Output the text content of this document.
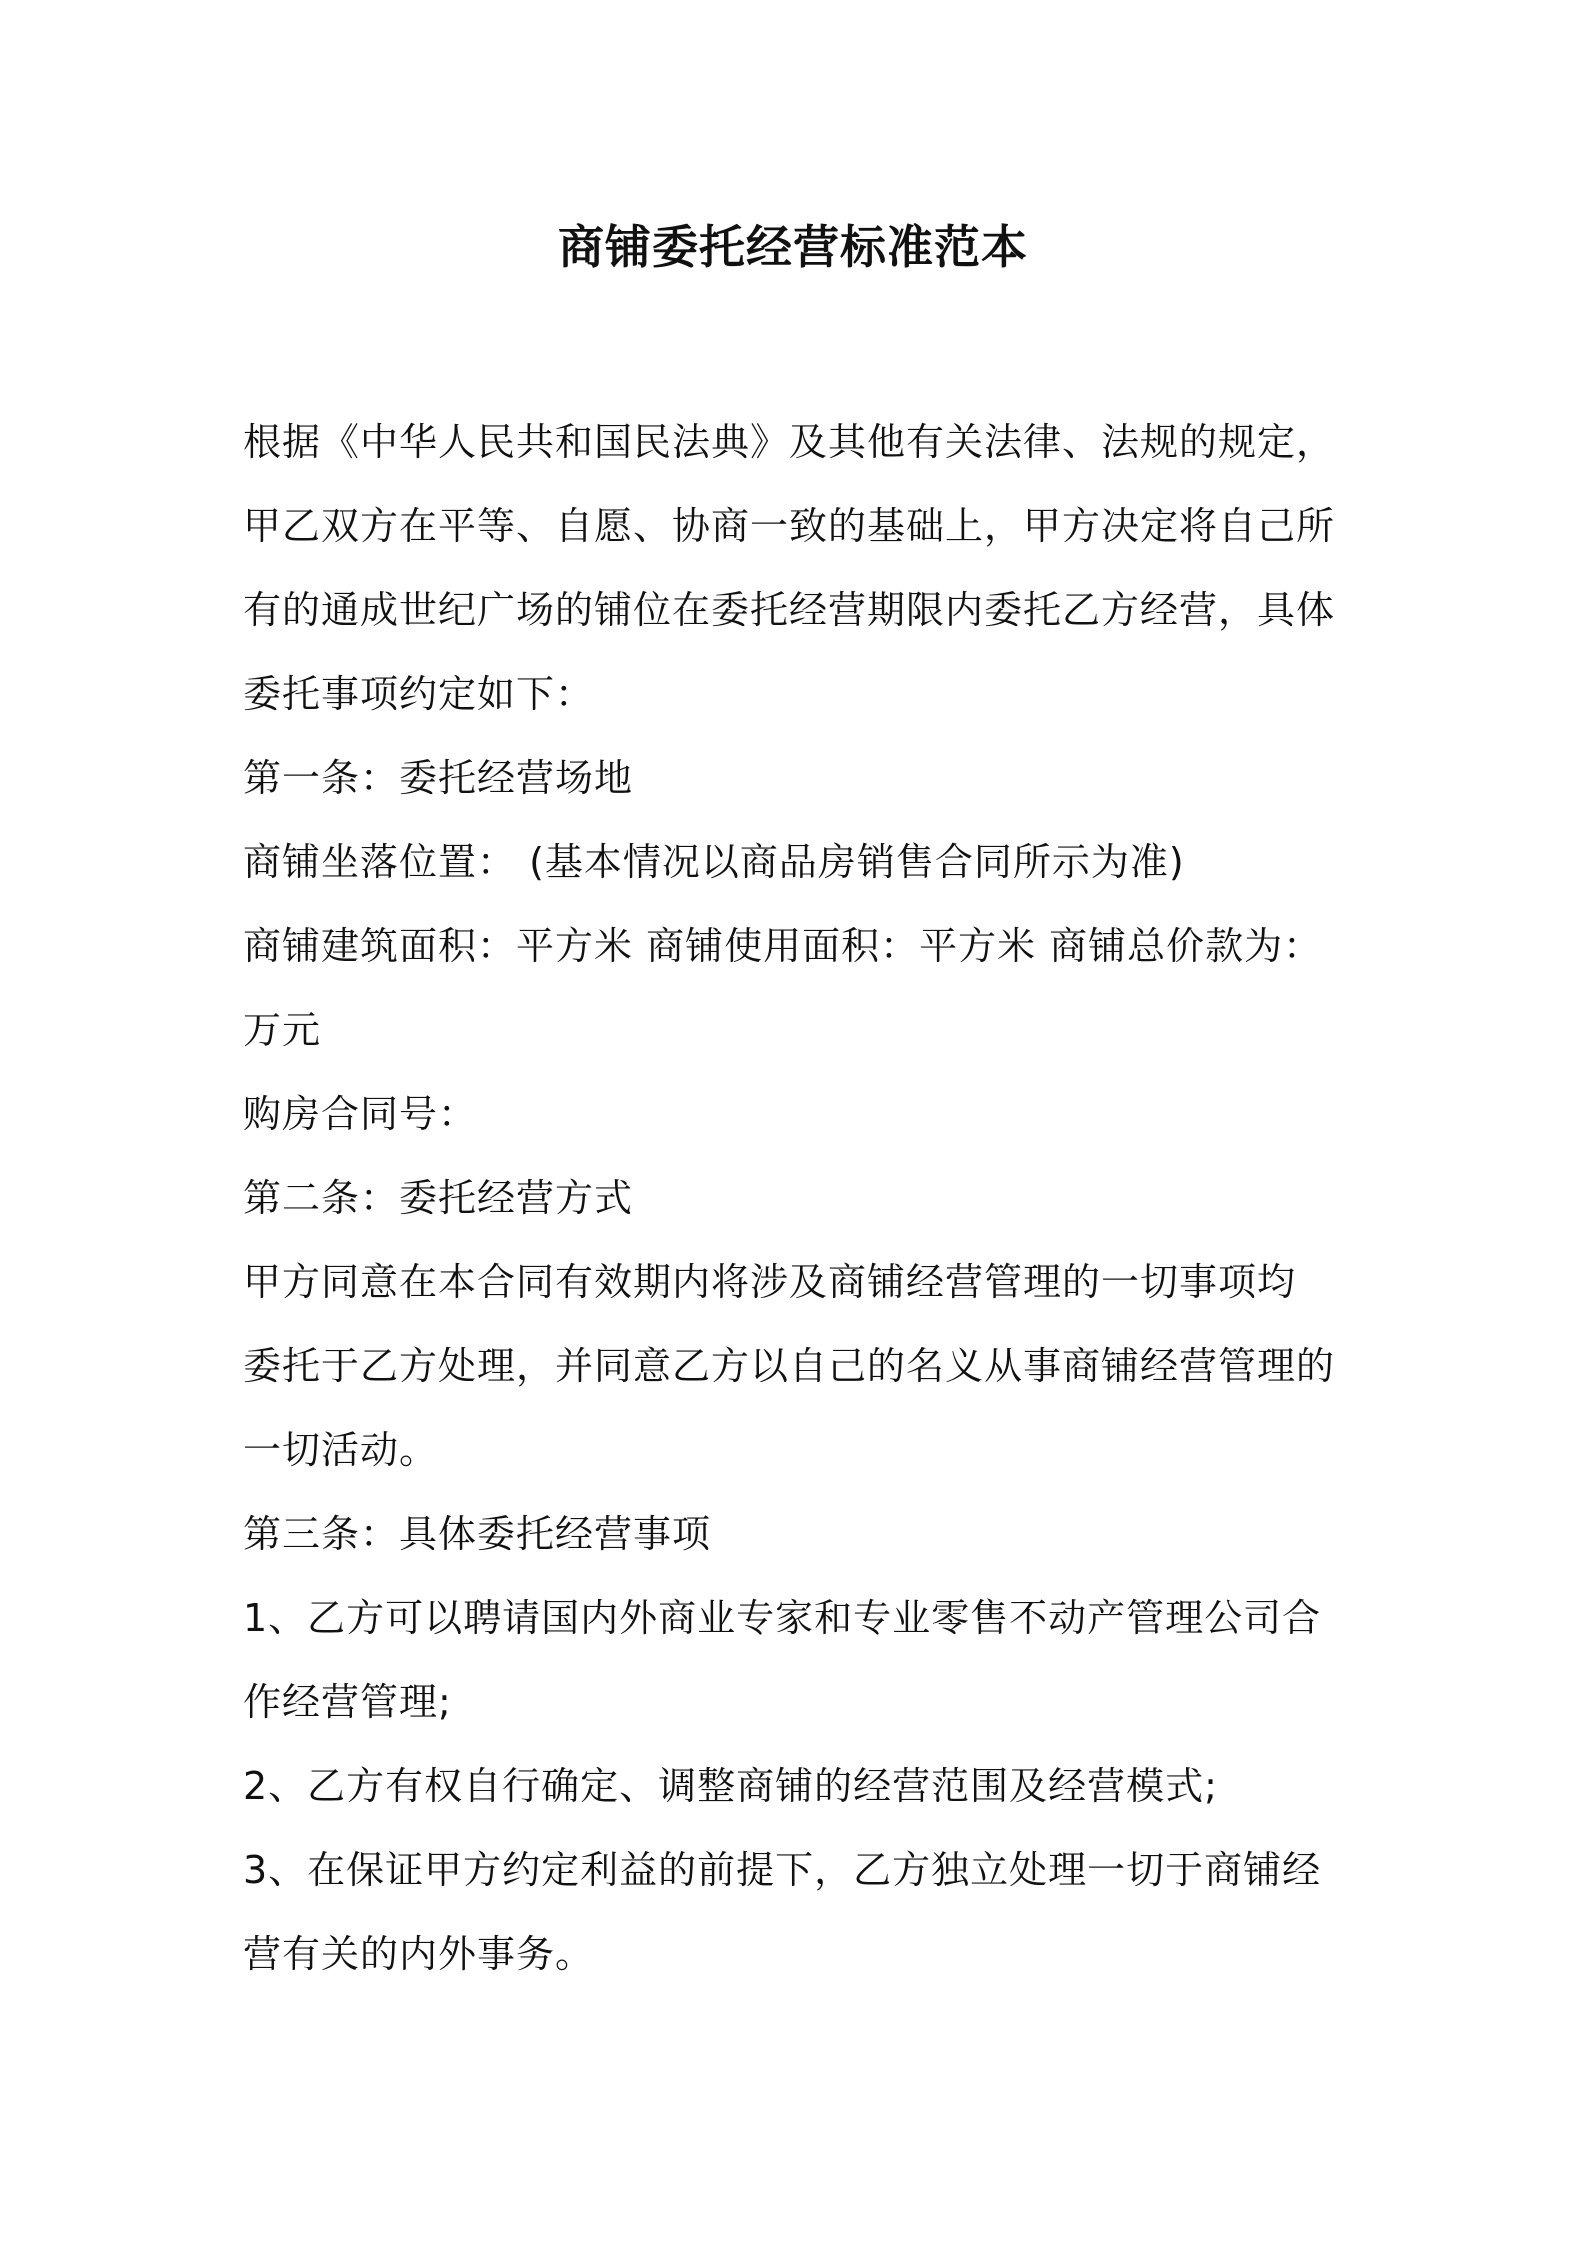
商铺委托经营标准范本

根据《中华人民共和国民法典》及其他有关法律、法规的规定，

甲乙双方在平等、自愿、协商一致的基础上，甲方决定将自己所

有的通成世纪广场的铺位在委托经营期限内委托乙方经营，具体

委托事项约定如下：

第一条：委托经营场地

商铺坐落位置： (基本情况以商品房销售合同所示为准)

商铺建筑面积：平方米 商铺使用面积：平方米 商铺总价款为：

万元

购房合同号：

第二条：委托经营方式

甲方同意在本合同有效期内将涉及商铺经营管理的一切事项均

委托于乙方处理，并同意乙方以自己的名义从事商铺经营管理的

一切活动。

第三条：具体委托经营事项

1、乙方可以聘请国内外商业专家和专业零售不动产管理公司合

作经营管理;

2、乙方有权自行确定、调整商铺的经营范围及经营模式;

3、在保证甲方约定利益的前提下，乙方独立处理一切于商铺经

营有关的内外事务。
